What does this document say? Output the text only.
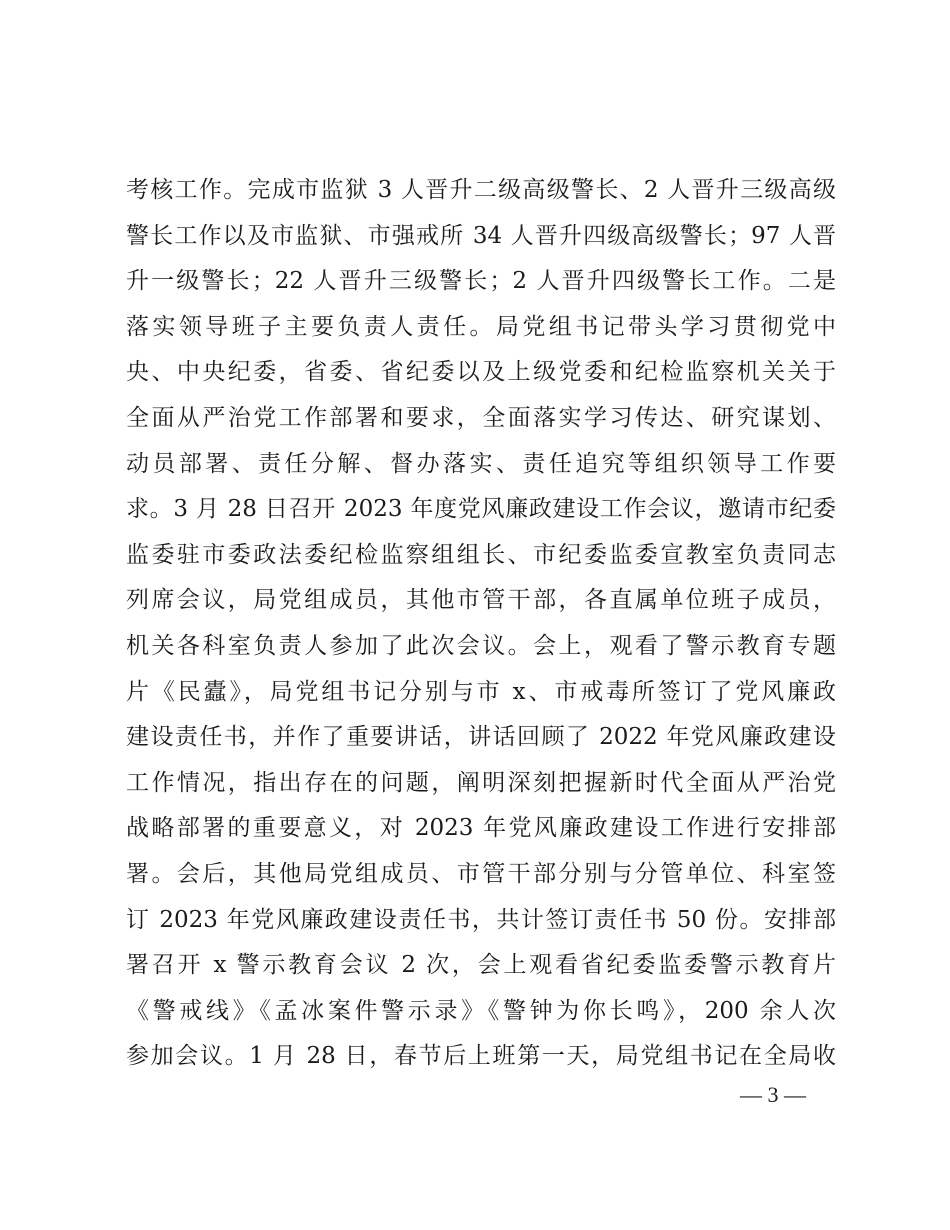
考核工作。完成市监狱 3 人晋升二级高级警长、2 人晋升三级高级
警长工作以及市监狱、市强戒所 34 人晋升四级高级警长；97 人晋
升一级警长；22 人晋升三级警长；2 人晋升四级警长工作。二是
落实领导班子主要负责人责任。局党组书记带头学习贯彻党中
央、中央纪委，省委、省纪委以及上级党委和纪检监察机关关于
全面从严治党工作部署和要求，全面落实学习传达、研究谋划、
动员部署、责任分解、督办落实、责任追究等组织领导工作要
求。3 月 28 日召开 2023 年度党风廉政建设工作会议，邀请市纪委
监委驻市委政法委纪检监察组组长、市纪委监委宣教室负责同志
列席会议，局党组成员，其他市管干部，各直属单位班子成员，
机关各科室负责人参加了此次会议。会上，观看了警示教育专题
片《民蠹》，局党组书记分别与市 x、市戒毒所签订了党风廉政
建设责任书，并作了重要讲话，讲话回顾了 2022 年党风廉政建设
工作情况，指出存在的问题，阐明深刻把握新时代全面从严治党
战略部署的重要意义，对 2023 年党风廉政建设工作进行安排部
署。会后，其他局党组成员、市管干部分别与分管单位、科室签
订 2023 年党风廉政建设责任书，共计签订责任书 50 份。安排部
署召开 x 警示教育会议 2 次，会上观看省纪委监委警示教育片
《警戒线》《孟冰案件警示录》《警钟为你长鸣》，200 余人次
参加会议。1 月 28 日，春节后上班第一天，局党组书记在全局收
— 3 —
